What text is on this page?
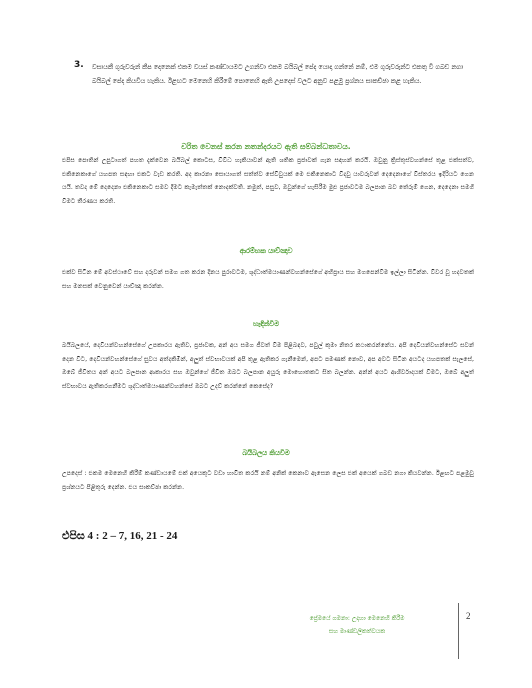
3. වසායකී ගුරුවරුන් කීප දෙනෙක් එකම වයස් කණ්ඩායමට උගන්වා එකම බයිබල් පේද යොදා ගන්නේ නම්, එම ගුරුවරුන්ට එකතු වී ගබඩ නගා බයිබල් පේද කියවිය හැකිය. ඊළඟට මෙනෙහි කිරීමේ පොතෙහි ඇති උපදෙස් වලට අනුව පළමු ප්‍රශ්නය සාකච්ඡා කළ හැකිය.
චරිත වෙනස් කරන නතන්දරයට ඇති සම්බන්ධතාවය.
එපිස පොතින් උපුටාගත් පහත දැක්වෙන බයිබල් කොටස, විවිධ හැකියාවන් ඇති ශතික ප්‍රජාවක් ගැන සඳහන් කරයි. ඔවුනු ක්‍රිස්තුස්වහන්සේ තුළ එක්සත්ව, එකිනෙකාගේ යහපත සඳහා එකට වැඩ කරති. අද කාරනා සොයාගත් සත්ත්ව සේවිවුයක් මෙ එකිනෙකාට විදවු යාවරුවන් දෙදෙනාගේ විස්තරය ඉදිරියට ගෙන යයි. තවද මේ දෙදෙනා එකිනෙකාට සමව දීමට කැමැත්තක් නොදක්වති. නමුත්, පසුව, ඔවුන්ගේ හැසිරීම මුළු ප්‍රජාවටම බලපාන බව තේරුම් ගෙන, දෙදෙනා සමගි වීමට තීරණය කරති.
ආරම්භක යාච්ඤාව
එක්ව සිටින මේ අවස්ථාවේ සහ දරුවන් සමග ගත කරන දිනය පුරාවටම, ශුද්ධාත්මයාණන්වහන්සේගේ අභිප්‍රාය සහ මගපෙන්වීම ඉල්ලා සිටින්න. විවර වූ හදවතක් සහ මනසක් වෙනුවෙන් යාච්ඤා කරන්න.
හැඳින්වීම
බයිබලයේ, දෙවියන්වහන්සේගේ උපකාරය ඇතිව, ප්‍රජාවක, අන් අය සමග ජීවත් වීම පිළිබඳව, පවුල් කුමා නිතර කථාකරන්නේය. අපි දෙවියන්වහන්සේට සවන් දෙන විට, දෙවියන්වහන්සේගේ සුවය අත්දකිමින්, අලුත් ස්වභාවයක් අපි තුළ ඇතිකර ගැනීමෙන්, අපට පමණක් නොව, අප අවට සිටින අයටද යහපතක් සැලසේ, ඔබේ ජීවිතය අන් අයට බලපාන ආකාරය සහ ඔවුන්ගේ ජීවිත ඔබට බලපාන අයුරු මොහොතකට සිත බලන්න. අන්න් අයට ආශිර්වාදයක් වීමට, ඔබේ අලුත් ස්වභාවය ඇතිකරගනීමට ශුද්ධාත්මයාණන්වහන්සේ ඔබට උදව් කරන්නේ කෙසේද?
බයිබලය කියවීම
උපදෙස් : එකම මෙනෙහි කිරීම් කණ්ඩායමේ එක් අයෙකුට වඩා හාවිත කරයි නම් අනික් කෙනාව ඇසෙන ලෙස එක් අයෙක් ගබඩ නගා කියවන්න. ඊළඟට පළමුවු ප්‍රශ්නයට පිළිතුරු දෙන්න. එය සාකච්ඡා කරන්න.
එපිස 4 : 2 – 7, 16, 21 - 24
ප්‍රේමයේ ගමනා: උදාහා මෙනෙහි කිරීම
සහ මාණ්ඩලිකත්වයක
2
